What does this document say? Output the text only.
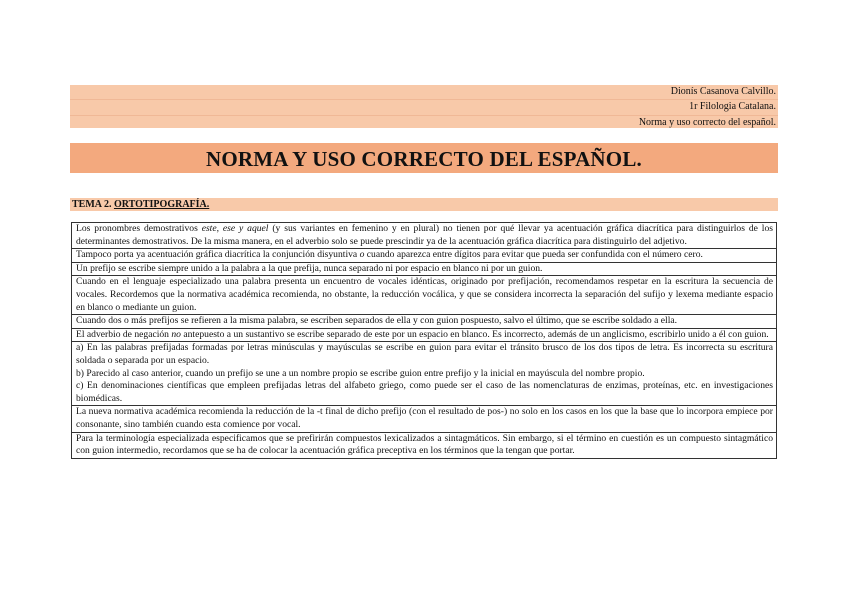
Dionís Casanova Calvillo.
1r Filologia Catalana.
Norma y uso correcto del español.
NORMA Y USO CORRECTO DEL ESPAÑOL.
TEMA 2. ORTOTIPOGRAFÍA.
Los pronombres demostrativos este, ese y aquel (y sus variantes en femenino y en plural) no tienen por qué llevar ya acentuación gráfica diacrítica para distinguirlos de los determinantes demostrativos. De la misma manera, en el adverbio solo se puede prescindir ya de la acentuación gráfica diacrítica para distinguirlo del adjetivo.
Tampoco porta ya acentuación gráfica diacrítica la conjunción disyuntiva o cuando aparezca entre dígitos para evitar que pueda ser confundida con el número cero.
Un prefijo se escribe siempre unido a la palabra a la que prefija, nunca separado ni por espacio en blanco ni por un guion.
Cuando en el lenguaje especializado una palabra presenta un encuentro de vocales idénticas, originado por prefijación, recomendamos respetar en la escritura la secuencia de vocales. Recordemos que la normativa académica recomienda, no obstante, la reducción vocálica, y que se considera incorrecta la separación del sufijo y lexema mediante espacio en blanco o mediante un guion.
Cuando dos o más prefijos se refieren a la misma palabra, se escriben separados de ella y con guion pospuesto, salvo el último, que se escribe soldado a ella.
El adverbio de negación no antepuesto a un sustantivo se escribe separado de este por un espacio en blanco. Es incorrecto, además de un anglicismo, escribirlo unido a él con guion.
a) En las palabras prefijadas formadas por letras minúsculas y mayúsculas se escribe en guion para evitar el tránsito brusco de los dos tipos de letra. Es incorrecta su escritura soldada o separada por un espacio.
b) Parecido al caso anterior, cuando un prefijo se une a un nombre propio se escribe guion entre prefijo y la inicial en mayúscula del nombre propio.
c) En denominaciones científicas que empleen prefijadas letras del alfabeto griego, como puede ser el caso de las nomenclaturas de enzimas, proteínas, etc. en investigaciones biomédicas.
La nueva normativa académica recomienda la reducción de la -t final de dicho prefijo (con el resultado de pos-) no solo en los casos en los que la base que lo incorpora empiece por consonante, sino también cuando esta comience por vocal.
Para la terminología especializada especificamos que se prefirirán compuestos lexicalizados a sintagmáticos. Sin embargo, si el término en cuestión es un compuesto sintagmático con guion intermedio, recordamos que se ha de colocar la acentuación gráfica preceptiva en los términos que la tengan que portar.
